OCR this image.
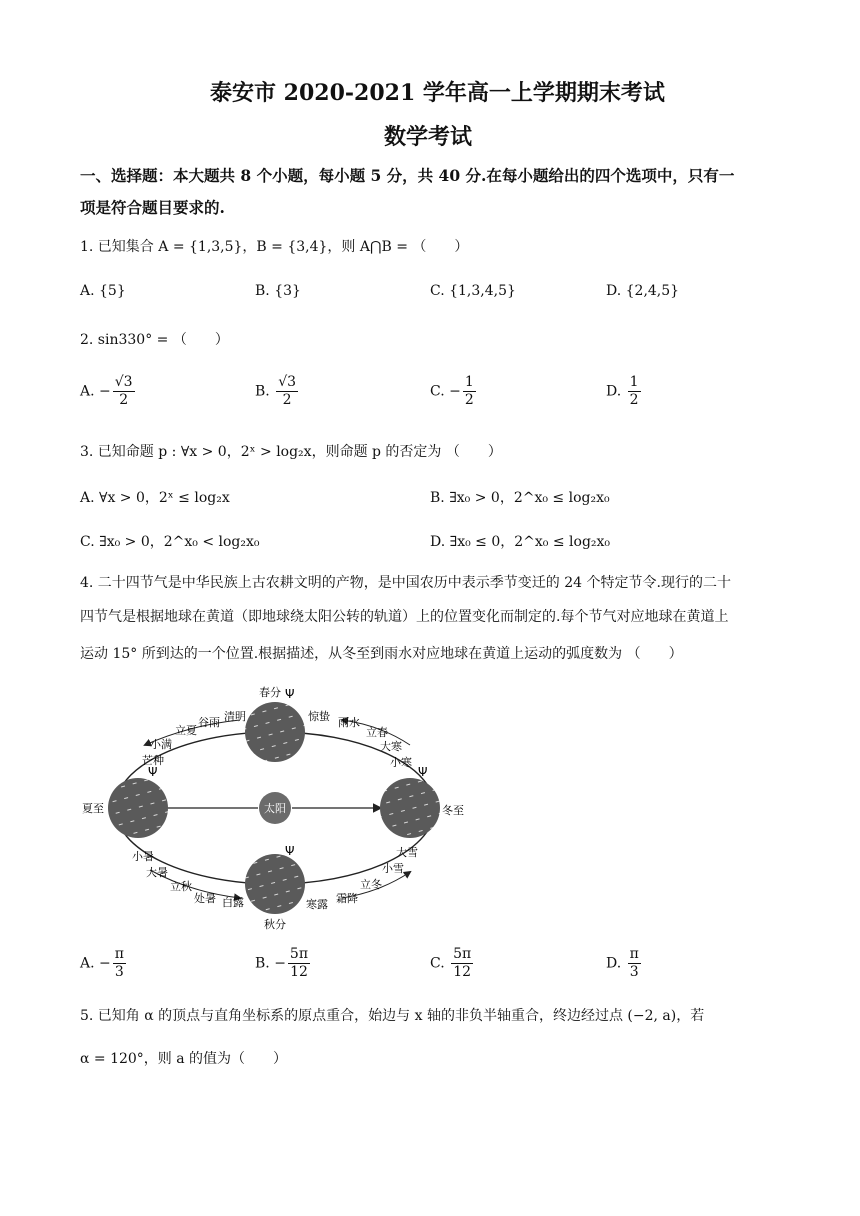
泰安市 2020-2021 学年高一上学期期末考试
数学考试
一、选择题：本大题共 8 个小题，每小题 5 分，共 40 分.在每小题给出的四个选项中，只有一
项是符合题目要求的.
1. 已知集合 A = {1,3,5}，B = {3,4}，则 A⋂B = （　　）
A. {5}	B. {3}	C. {1,3,4,5}	D. {2,4,5}
2. sin330° = （　　）
A. − $\frac{√3}{2}$	B. $\frac{√3}{2}$	C. − $\frac{1}{2}$	D. $\frac{1}{2}$
3. 已知命题 p : ∀x > 0，2ˣ > log₂x，则命题 p 的否定为 （　　）
A. ∀x > 0，2ˣ ≤ log₂x	B. ∃x₀ > 0，2^x₀ ≤ log₂x₀
C. ∃x₀ > 0，2^x₀ < log₂x₀	D. ∃x₀ ≤ 0，2^x₀ ≤ log₂x₀
4. 二十四节气是中华民族上古农耕文明的产物，是中国农历中表示季节变迁的 24 个特定节令.现行的二十
四节气是根据地球在黄道（即地球绕太阳公转的轨道）上的位置变化而制定的.每个节气对应地球在黄道上
运动 15° 所到达的一个位置.根据描述，从冬至到雨水对应地球在黄道上运动的弧度数为 （　　）
Ψ
Ψ
Ψ	Ψ
太阳
春分
秋分
夏至	冬至
谷雨 清明
立夏
小满
芒种
惊蛰 雨水
立春
大寒
小寒
小暑
大暑
立秋
处暑 白露
大雪
小雪
立冬
霜降
寒露
A. − $\frac{\pi}{3}$	B. − $\frac{5\pi}{12}$	C. $\frac{5\pi}{12}$	D. $\frac{\pi}{3}$
5. 已知角 α 的顶点与直角坐标系的原点重合，始边与 x 轴的非负半轴重合，终边经过点 (−2, a)，若
α = 120°，则 a 的值为（　　）
